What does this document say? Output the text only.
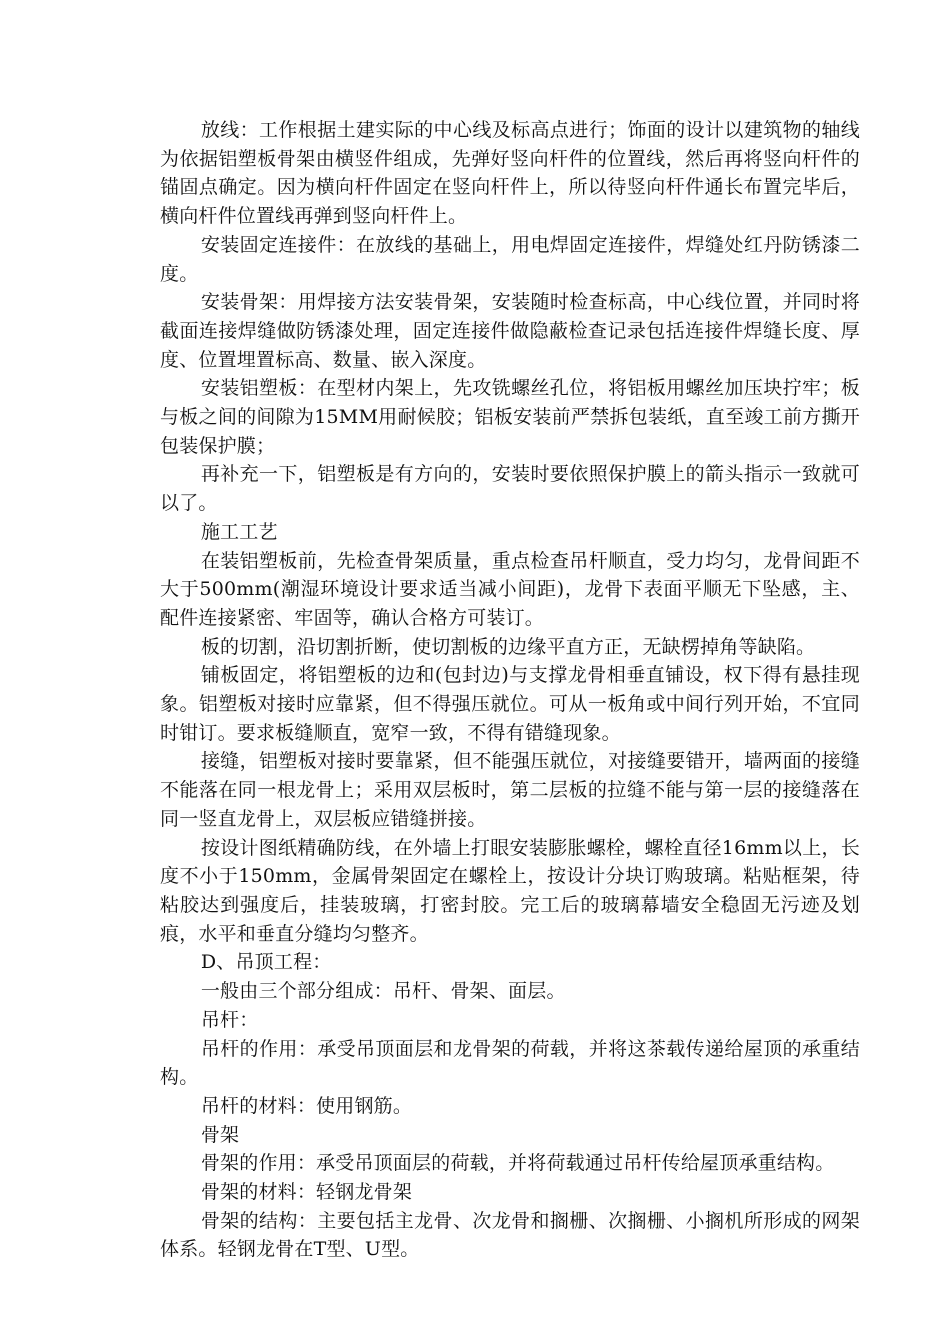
放线：工作根据土建实际的中心线及标高点进行；饰面的设计以建筑物的轴线为依据铝塑板骨架由横竖件组成，先弹好竖向杆件的位置线，然后再将竖向杆件的锚固点确定。因为横向杆件固定在竖向杆件上，所以待竖向杆件通长布置完毕后，横向杆件位置线再弹到竖向杆件上。

安装固定连接件：在放线的基础上，用电焊固定连接件，焊缝处红丹防锈漆二度。

安装骨架：用焊接方法安装骨架，安装随时检查标高，中心线位置，并同时将截面连接焊缝做防锈漆处理，固定连接件做隐蔽检查记录包括连接件焊缝长度、厚度、位置埋置标高、数量、嵌入深度。

安装铝塑板：在型材内架上，先攻铣螺丝孔位，将铝板用螺丝加压块拧牢；板与板之间的间隙为15MM用耐候胶；铝板安装前严禁拆包装纸，直至竣工前方撕开包装保护膜；

再补充一下，铝塑板是有方向的，安装时要依照保护膜上的箭头指示一致就可以了。

施工工艺

在装铝塑板前，先检查骨架质量，重点检查吊杆顺直，受力均匀，龙骨间距不大于500mm(潮湿环境设计要求适当减小间距)，龙骨下表面平顺无下坠感，主、配件连接紧密、牢固等，确认合格方可装订。

板的切割，沿切割折断，使切割板的边缘平直方正，无缺楞掉角等缺陷。

铺板固定，将铝塑板的边和(包封边)与支撑龙骨相垂直铺设，权下得有悬挂现象。铝塑板对接时应靠紧，但不得强压就位。可从一板角或中间行列开始，不宜同时钳订。要求板缝顺直，宽窄一致，不得有错缝现象。

接缝，铝塑板对接时要靠紧，但不能强压就位，对接缝要错开，墙两面的接缝不能落在同一根龙骨上；采用双层板时，第二层板的拉缝不能与第一层的接缝落在同一竖直龙骨上，双层板应错缝拼接。

按设计图纸精确防线，在外墙上打眼安装膨胀螺栓，螺栓直径16mm以上，长度不小于150mm，金属骨架固定在螺栓上，按设计分块订购玻璃。粘贴框架，待粘胶达到强度后，挂装玻璃，打密封胶。完工后的玻璃幕墙安全稳固无污迹及划痕，水平和垂直分缝均匀整齐。

D、吊顶工程：

一般由三个部分组成：吊杆、骨架、面层。

吊杆：

吊杆的作用：承受吊顶面层和龙骨架的荷载，并将这茶载传递给屋顶的承重结构。

吊杆的材料：使用钢筋。

骨架

骨架的作用：承受吊顶面层的荷载，并将荷载通过吊杆传给屋顶承重结构。

骨架的材料：轻钢龙骨架

骨架的结构：主要包括主龙骨、次龙骨和搁栅、次搁栅、小搁机所形成的网架体系。轻钢龙骨在T型、U型。
